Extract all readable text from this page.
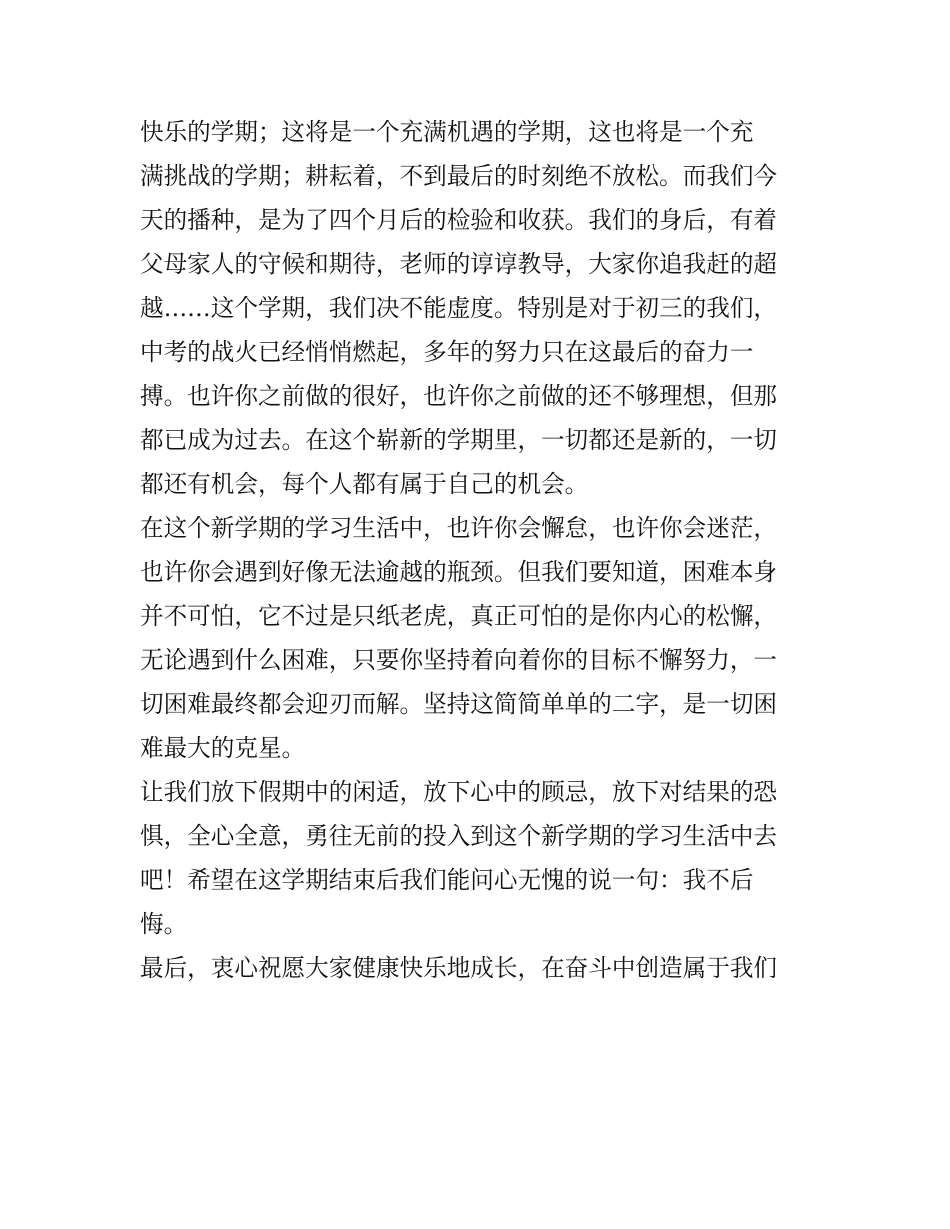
快乐的学期；这将是一个充满机遇的学期，这也将是一个充
满挑战的学期；耕耘着，不到最后的时刻绝不放松。而我们今
天的播种，是为了四个月后的检验和收获。我们的身后，有着
父母家人的守候和期待，老师的谆谆教导，大家你追我赶的超
越……这个学期，我们决不能虚度。特别是对于初三的我们，
中考的战火已经悄悄燃起，多年的努力只在这最后的奋力一
搏。也许你之前做的很好，也许你之前做的还不够理想，但那
都已成为过去。在这个崭新的学期里，一切都还是新的，一切
都还有机会，每个人都有属于自己的机会。

在这个新学期的学习生活中，也许你会懈怠，也许你会迷茫，
也许你会遇到好像无法逾越的瓶颈。但我们要知道，困难本身
并不可怕，它不过是只纸老虎，真正可怕的是你内心的松懈，
无论遇到什么困难，只要你坚持着向着你的目标不懈努力，一
切困难最终都会迎刃而解。坚持这简简单单的二字，是一切困
难最大的克星。

让我们放下假期中的闲适，放下心中的顾忌，放下对结果的恐
惧，全心全意，勇往无前的投入到这个新学期的学习生活中去
吧！希望在这学期结束后我们能问心无愧的说一句：我不后
悔。

最后，衷心祝愿大家健康快乐地成长，在奋斗中创造属于我们
